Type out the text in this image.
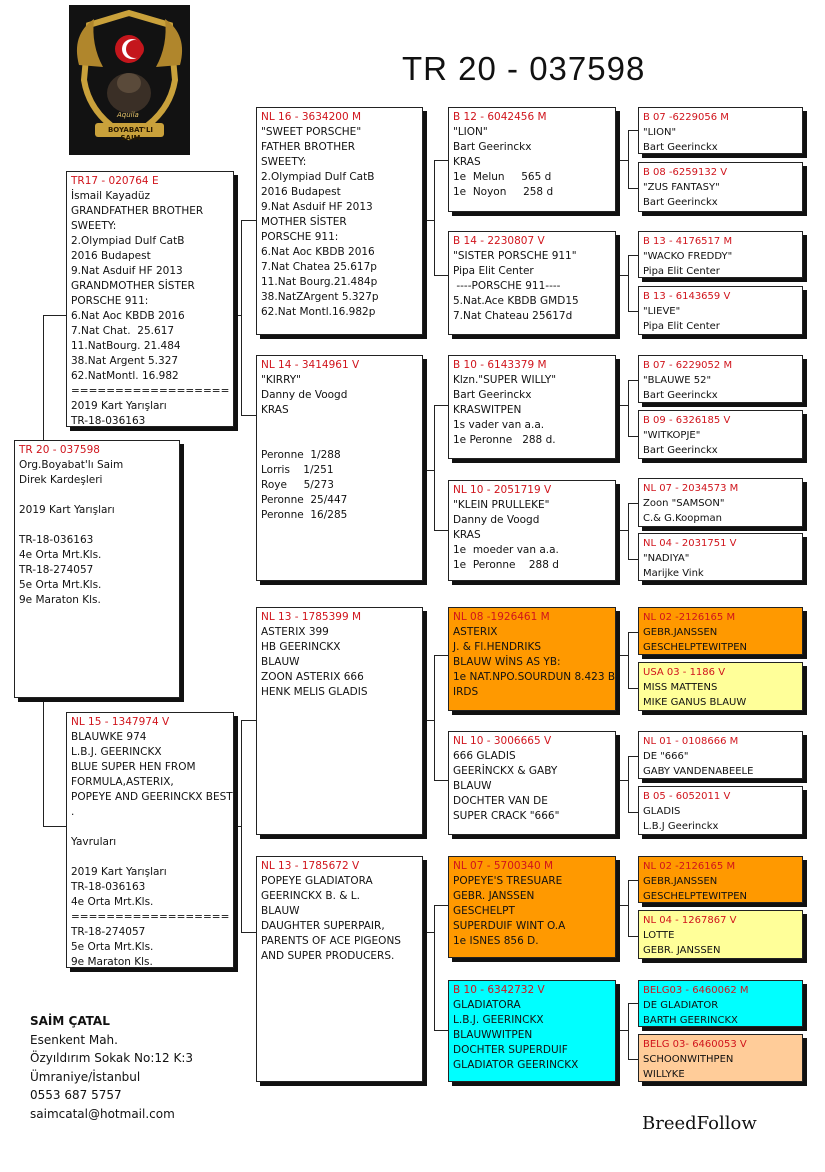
Aquila
BOYABAT'LI SAIM
TR 20 - 037598
TR 20 - 037598
Org.Boyabat'lı Saim
Direk Kardeşleri
2019 Kart Yarışları
TR-18-036163
4e Orta Mrt.Kls.
TR-18-274057
5e Orta Mrt.Kls.
9e Maraton Kls.
TR17 - 020764 E
İsmail Kayadüz
GRANDFATHER BROTHER
SWEETY:
2.Olympiad Dulf CatB
2016 Budapest
9.Nat Asduif HF 2013
GRANDMOTHER SİSTER
PORSCHE 911:
6.Nat Aoc KBDB 2016
7.Nat Chat.  25.617
11.NatBourg. 21.484
38.Nat Argent 5.327
62.NatMontl. 16.982
==================
2019 Kart Yarışları
TR-18-036163
NL 15 - 1347974 V
BLAUWKE 974
L.B.J. GEERINCKX
BLUE SUPER HEN FROM
FORMULA,ASTERIX,
POPEYE AND GEERINCKX BEST
.
Yavruları
2019 Kart Yarışları
TR-18-036163
4e Orta Mrt.Kls.
==================
TR-18-274057
5e Orta Mrt.Kls.
9e Maraton Kls.
NL 16 - 3634200 M
"SWEET PORSCHE"
FATHER BROTHER
SWEETY:
2.Olympiad Dulf CatB
2016 Budapest
9.Nat Asduif HF 2013
MOTHER SİSTER
PORSCHE 911:
6.Nat Aoc KBDB 2016
7.Nat Chatea 25.617p
11.Nat Bourg.21.484p
38.NatZArgent 5.327p
62.Nat Montl.16.982p
NL 14 - 3414961 V
"KIRRY"
Danny de Voogd
KRAS
Peronne  1/288
Lorris    1/251
Roye     5/273
Peronne  25/447
Peronne  16/285
NL 13 - 1785399 M
ASTERIX 399
HB GEERINCKX
BLAUW
ZOON ASTERIX 666
HENK MELIS GLADIS
NL 13 - 1785672 V
POPEYE GLADIATORA
GEERINCKX B. & L.
BLAUW
DAUGHTER SUPERPAIR,
PARENTS OF ACE PIGEONS
AND SUPER PRODUCERS.
B 12 - 6042456 M
"LION"
Bart Geerinckx
KRAS
1e  Melun     565 d
1e  Noyon     258 d
B 14 - 2230807 V
"SISTER PORSCHE 911"
Pipa Elit Center
----PORSCHE 911----
5.Nat.Ace KBDB GMD15
7.Nat Chateau 25617d
B 10 - 6143379 M
Klzn."SUPER WILLY"
Bart Geerinckx
KRASWITPEN
1s vader van a.a.
1e Peronne   288 d.
NL 10 - 2051719 V
"KLEIN PRULLEKE"
Danny de Voogd
KRAS
1e  moeder van a.a.
1e  Peronne    288 d
NL 08 -1926461 M
ASTERIX
J. & Fl.HENDRIKS
BLAUW WİNS AS YB:
1e NAT.NPO.SOURDUN 8.423 B
IRDS
NL 10 - 3006665 V
666 GLADIS
GEERİNCKX & GABY
BLAUW
DOCHTER VAN DE
SUPER CRACK "666"
NL 07 - 5700340 M
POPEYE'S TRESUARE
GEBR. JANSSEN
GESCHELPT
SUPERDUIF WINT O.A
1e ISNES 856 D.
B 10 - 6342732 V
GLADIATORA
L.B.J. GEERINCKX
BLAUWWITPEN
DOCHTER SUPERDUIF
GLADIATOR GEERINCKX
B 07 -6229056 M
"LION"
Bart Geerinckx
B 08 -6259132 V
"ZUS FANTASY"
Bart Geerinckx
B 13 - 4176517 M
"WACKO FREDDY"
Pipa Elit Center
B 13 - 6143659 V
"LIEVE"
Pipa Elit Center
B 07 - 6229052 M
"BLAUWE 52"
Bart Geerinckx
B 09 - 6326185 V
"WITKOPJE"
Bart Geerinckx
NL 07 - 2034573 M
Zoon "SAMSON"
C.& G.Koopman
NL 04 - 2031751 V
"NADIYA"
Marijke Vink
NL 02 -2126165 M
GEBR.JANSSEN
GESCHELPTEWITPEN
USA 03 - 1186 V
MISS MATTENS
MIKE GANUS BLAUW
NL 01 - 0108666 M
DE "666"
GABY VANDENABEELE
B 05 - 6052011 V
GLADIS
L.B.J Geerinckx
NL 02 -2126165 M
GEBR.JANSSEN
GESCHELPTEWITPEN
NL 04 - 1267867 V
LOTTE
GEBR. JANSSEN
BELG03 - 6460062 M
DE GLADIATOR
BARTH GEERINCKX
BELG 03- 6460053 V
SCHOONWITHPEN
WILLYKE
SAİM ÇATAL
Esenkent Mah.
Özyıldırım Sokak No:12 K:3
Ümraniye/İstanbul
0553 687 5757
saimcatal@hotmail.com	BreedFollow
